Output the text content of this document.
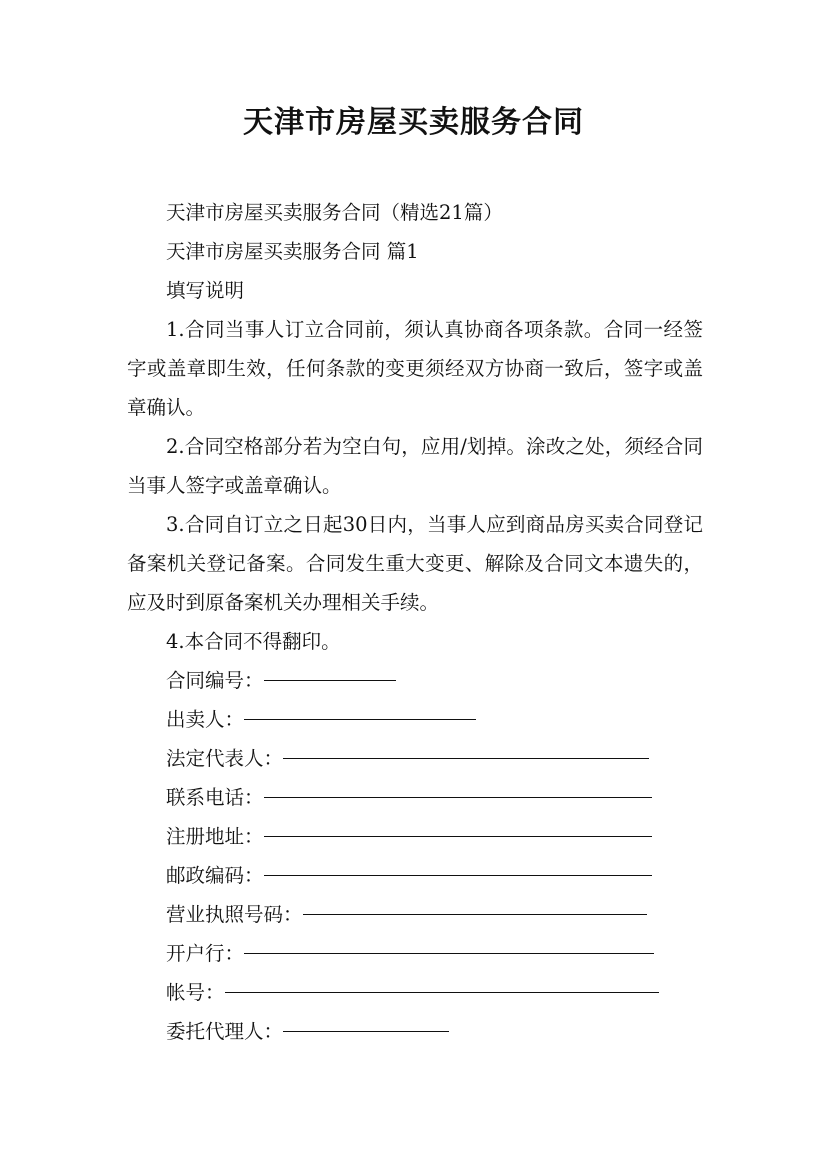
天津市房屋买卖服务合同

天津市房屋买卖服务合同（精选21篇）

天津市房屋买卖服务合同 篇1

填写说明

1.合同当事人订立合同前，须认真协商各项条款。合同一经签字或盖章即生效，任何条款的变更须经双方协商一致后，签字或盖章确认。

2.合同空格部分若为空白句，应用/划掉。涂改之处，须经合同当事人签字或盖章确认。

3.合同自订立之日起30日内，当事人应到商品房买卖合同登记备案机关登记备案。合同发生重大变更、解除及合同文本遗失的，应及时到原备案机关办理相关手续。

4.本合同不得翻印。

合同编号：
出卖人：
法定代表人：
联系电话：
注册地址：
邮政编码：
营业执照号码：
开户行：
帐号：
委托代理人：
